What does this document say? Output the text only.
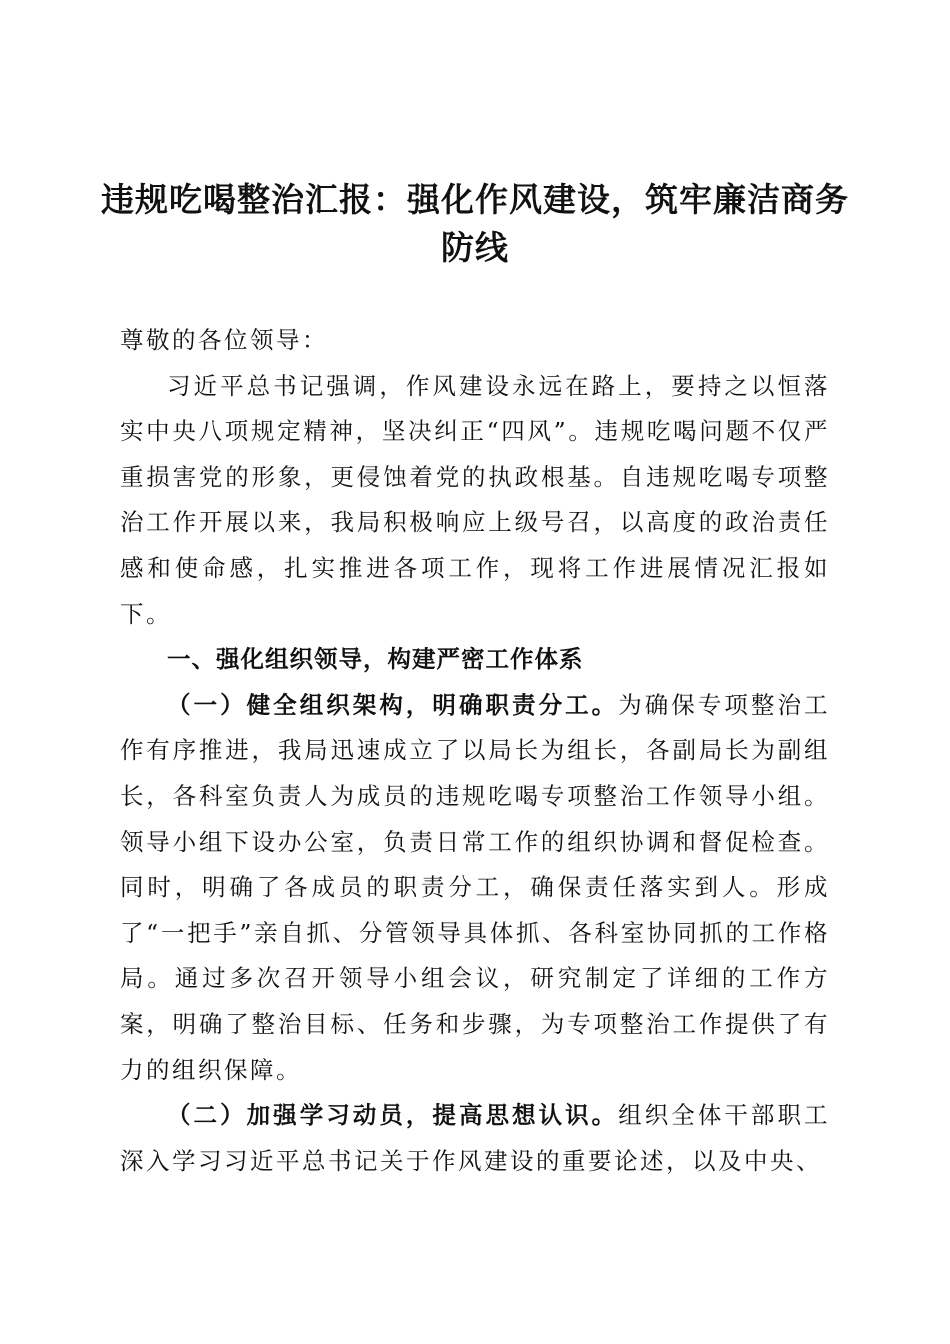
违规吃喝整治汇报：强化作风建设，筑牢廉洁商务防线

尊敬的各位领导：

习近平总书记强调，作风建设永远在路上，要持之以恒落实中央八项规定精神，坚决纠正“四风”。违规吃喝问题不仅严重损害党的形象，更侵蚀着党的执政根基。自违规吃喝专项整治工作开展以来，我局积极响应上级号召，以高度的政治责任感和使命感，扎实推进各项工作，现将工作进展情况汇报如下。

一、强化组织领导，构建严密工作体系

（一）健全组织架构，明确职责分工。为确保专项整治工作有序推进，我局迅速成立了以局长为组长，各副局长为副组长，各科室负责人为成员的违规吃喝专项整治工作领导小组。领导小组下设办公室，负责日常工作的组织协调和督促检查。同时，明确了各成员的职责分工，确保责任落实到人。形成了“一把手”亲自抓、分管领导具体抓、各科室协同抓的工作格局。通过多次召开领导小组会议，研究制定了详细的工作方案，明确了整治目标、任务和步骤，为专项整治工作提供了有力的组织保障。

（二）加强学习动员，提高思想认识。组织全体干部职工深入学习习近平总书记关于作风建设的重要论述，以及中央、
